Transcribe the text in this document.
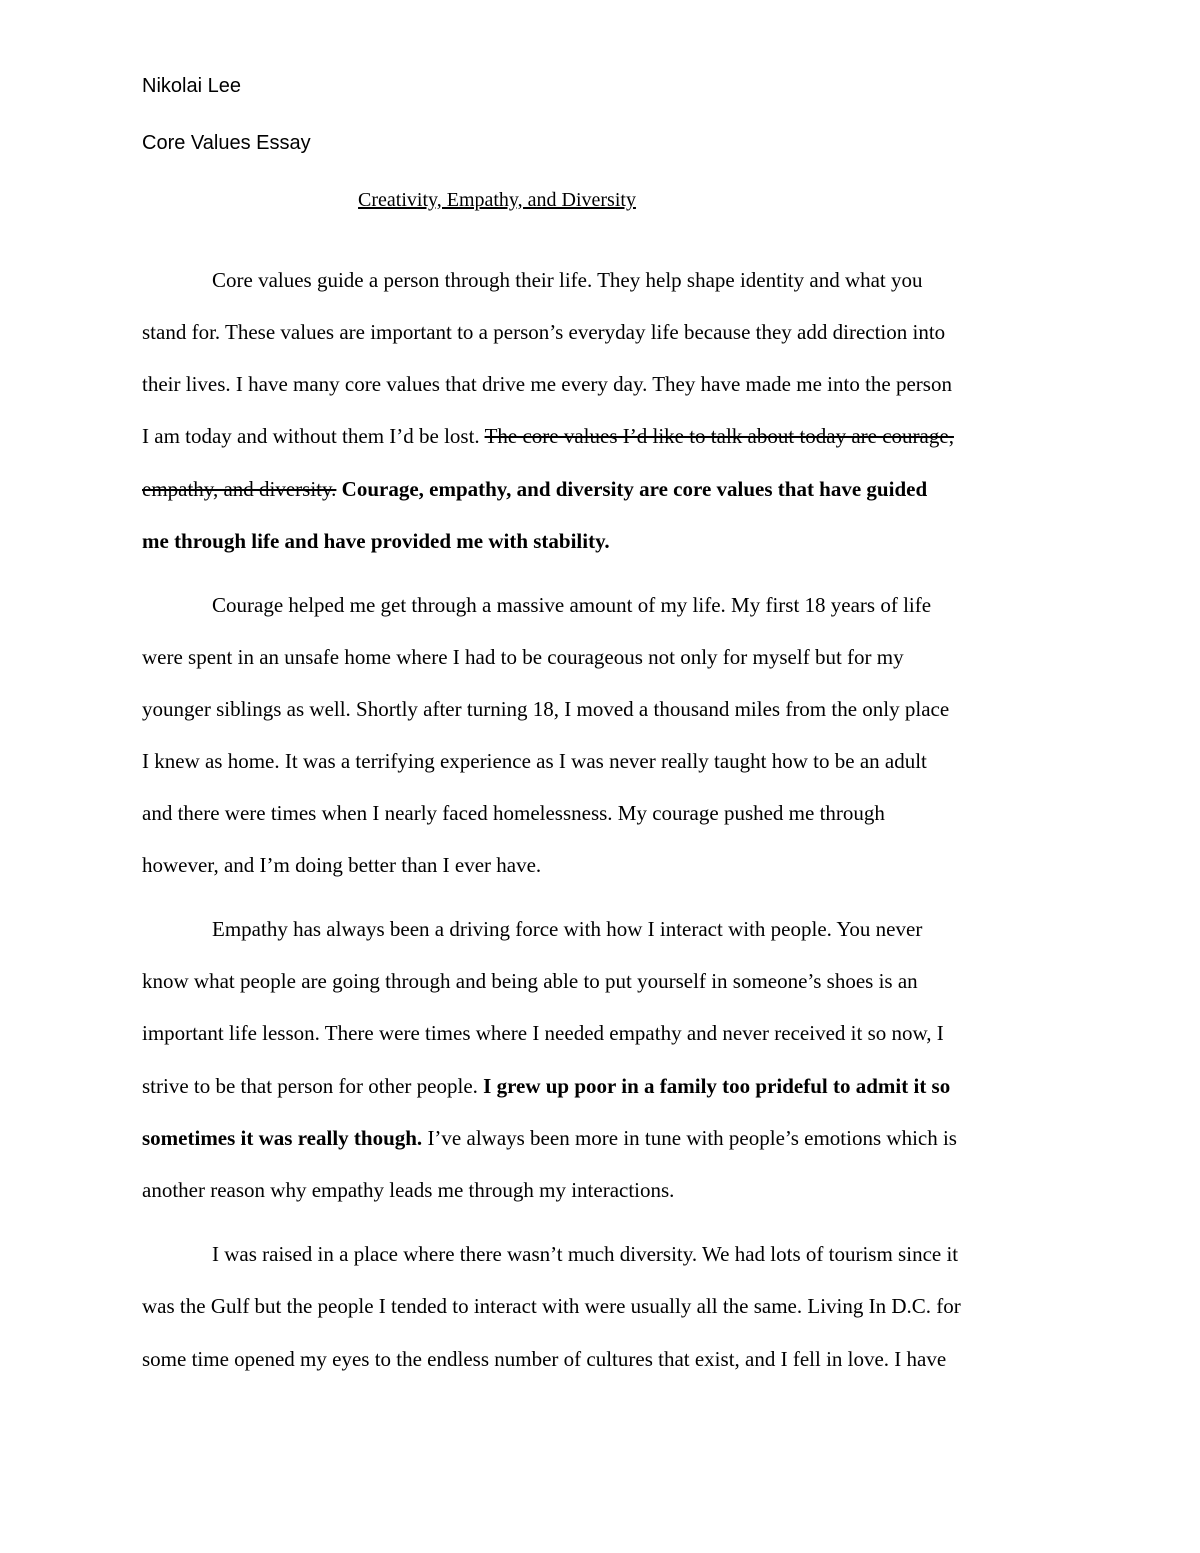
Nikolai Lee
Core Values Essay
Creativity, Empathy, and Diversity
Core values guide a person through their life. They help shape identity and what you
stand for. These values are important to a person’s everyday life because they add direction into
their lives. I have many core values that drive me every day. They have made me into the person
I am today and without them I’d be lost. The core values I’d like to talk about today are courage,
empathy, and diversity. Courage, empathy, and diversity are core values that have guided
me through life and have provided me with stability.
Courage helped me get through a massive amount of my life. My first 18 years of life
were spent in an unsafe home where I had to be courageous not only for myself but for my
younger siblings as well. Shortly after turning 18, I moved a thousand miles from the only place
I knew as home. It was a terrifying experience as I was never really taught how to be an adult
and there were times when I nearly faced homelessness. My courage pushed me through
however, and I’m doing better than I ever have.
Empathy has always been a driving force with how I interact with people. You never
know what people are going through and being able to put yourself in someone’s shoes is an
important life lesson. There were times where I needed empathy and never received it so now, I
strive to be that person for other people. I grew up poor in a family too prideful to admit it so
sometimes it was really though. I’ve always been more in tune with people’s emotions which is
another reason why empathy leads me through my interactions.
I was raised in a place where there wasn’t much diversity. We had lots of tourism since it
was the Gulf but the people I tended to interact with were usually all the same. Living In D.C. for
some time opened my eyes to the endless number of cultures that exist, and I fell in love. I have
